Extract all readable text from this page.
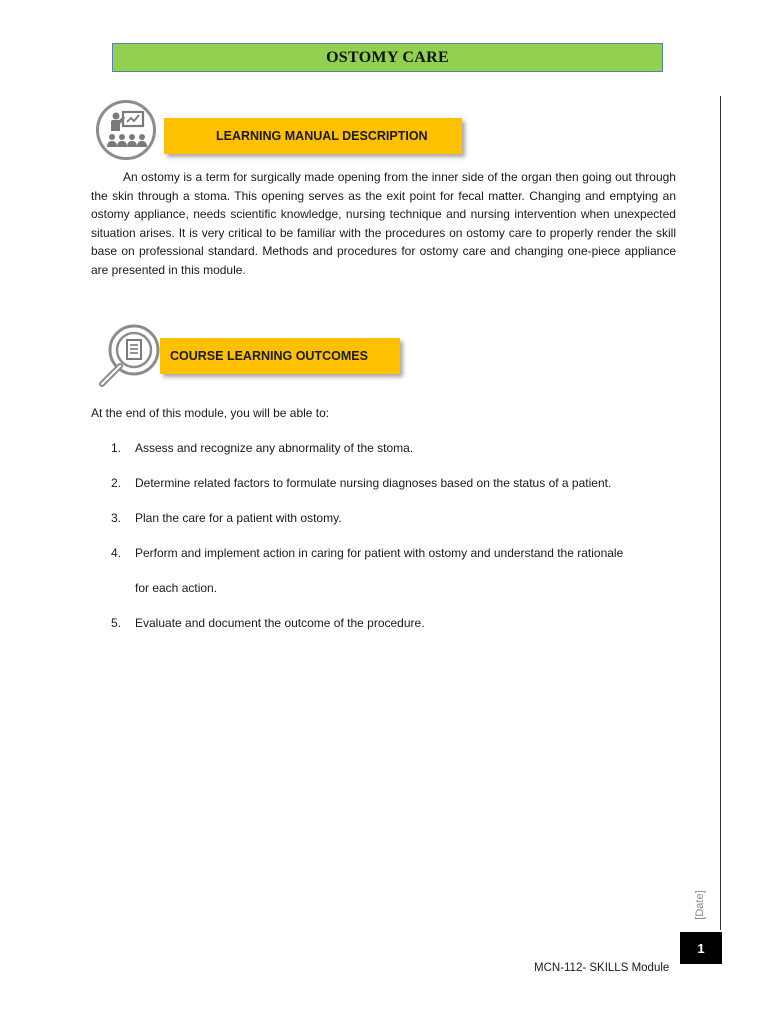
OSTOMY CARE
LEARNING MANUAL DESCRIPTION

An ostomy is a term for surgically made opening from the inner side of the organ then going out through the skin through a stoma. This opening serves as the exit point for fecal matter. Changing and emptying an ostomy appliance, needs scientific knowledge, nursing technique and nursing intervention when unexpected situation arises. It is very critical to be familiar with the procedures on ostomy care to properly render the skill base on professional standard. Methods and procedures for ostomy care and changing one-piece appliance are presented in this module.

COURSE LEARNING OUTCOMES
At the end of this module, you will be able to:
1.	Assess and recognize any abnormality of the stoma.
2.	Determine related factors to formulate nursing diagnoses based on the status of a patient.
3.	Plan the care for a patient with ostomy.
4.	Perform and implement action in caring for patient with ostomy and understand the rationale
for each action.
5.	Evaluate and document the outcome of the procedure.
[Date]
1
MCN-112- SKILLS Module
